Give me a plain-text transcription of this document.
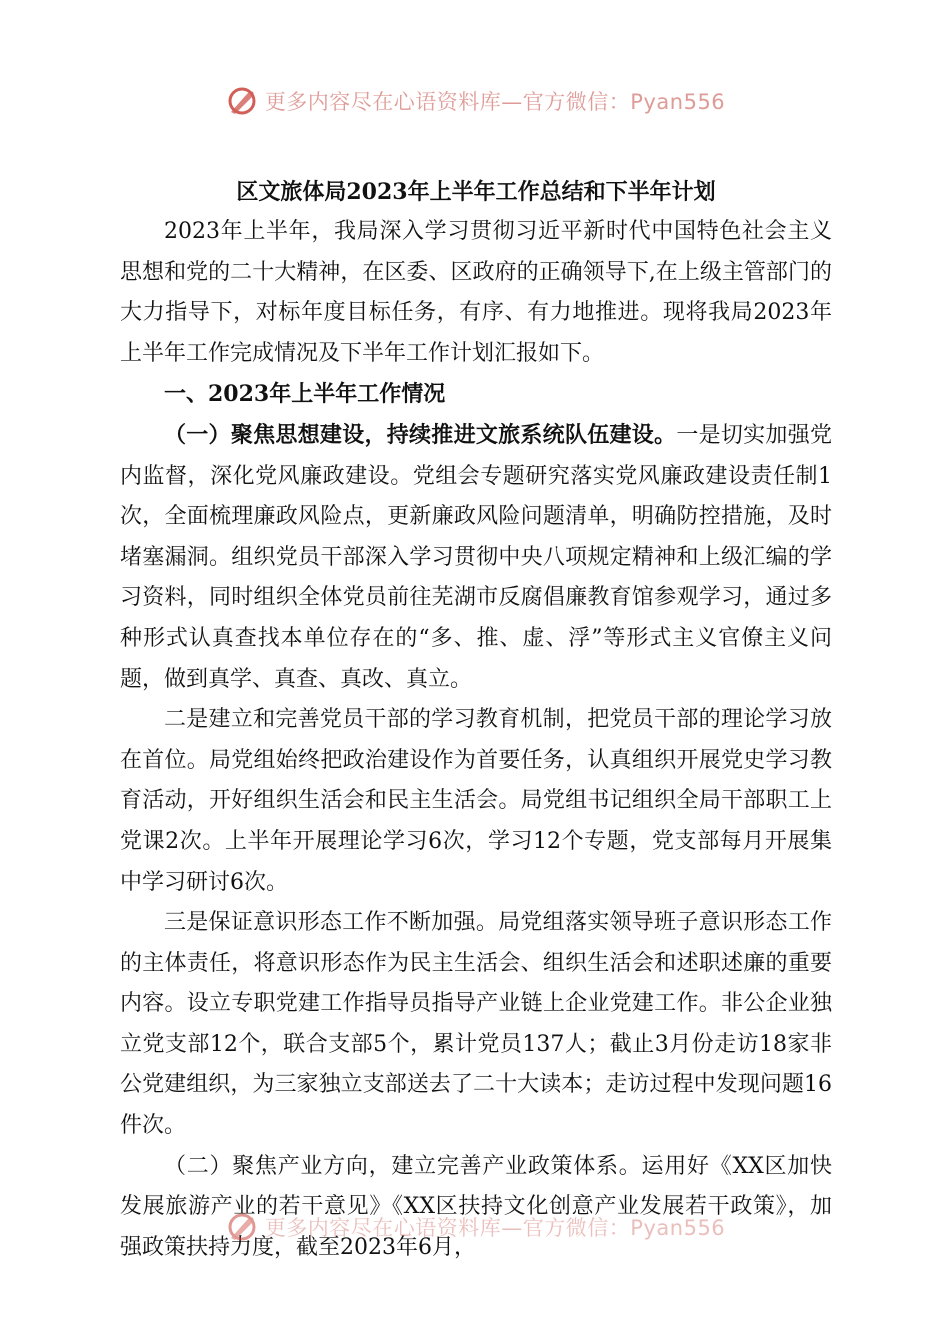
更多内容尽在心语资料库—官方微信：Pyan556

区文旅体局2023年上半年工作总结和下半年计划

2023年上半年，我局深入学习贯彻习近平新时代中国特色社会主义思想和党的二十大精神，在区委、区政府的正确领导下,在上级主管部门的大力指导下，对标年度目标任务，有序、有力地推进。现将我局2023年上半年工作完成情况及下半年工作计划汇报如下。

一、2023年上半年工作情况

（一）聚焦思想建设，持续推进文旅系统队伍建设。一是切实加强党内监督，深化党风廉政建设。党组会专题研究落实党风廉政建设责任制1次，全面梳理廉政风险点，更新廉政风险问题清单，明确防控措施，及时堵塞漏洞。组织党员干部深入学习贯彻中央八项规定精神和上级汇编的学习资料，同时组织全体党员前往芜湖市反腐倡廉教育馆参观学习，通过多种形式认真查找本单位存在的“多、推、虚、浮”等形式主义官僚主义问题，做到真学、真查、真改、真立。

二是建立和完善党员干部的学习教育机制，把党员干部的理论学习放在首位。局党组始终把政治建设作为首要任务，认真组织开展党史学习教育活动，开好组织生活会和民主生活会。局党组书记组织全局干部职工上党课2次。上半年开展理论学习6次，学习12个专题，党支部每月开展集中学习研讨6次。

三是保证意识形态工作不断加强。局党组落实领导班子意识形态工作的主体责任，将意识形态作为民主生活会、组织生活会和述职述廉的重要内容。设立专职党建工作指导员指导产业链上企业党建工作。非公企业独立党支部12个，联合支部5个，累计党员137人；截止3月份走访18家非公党建组织，为三家独立支部送去了二十大读本；走访过程中发现问题16件次。

（二）聚焦产业方向，建立完善产业政策体系。运用好《XX区加快发展旅游产业的若干意见》《XX区扶持文化创意产业发展若干政策》，加强政策扶持力度，截至2023年6月，

更多内容尽在心语资料库—官方微信：Pyan556
